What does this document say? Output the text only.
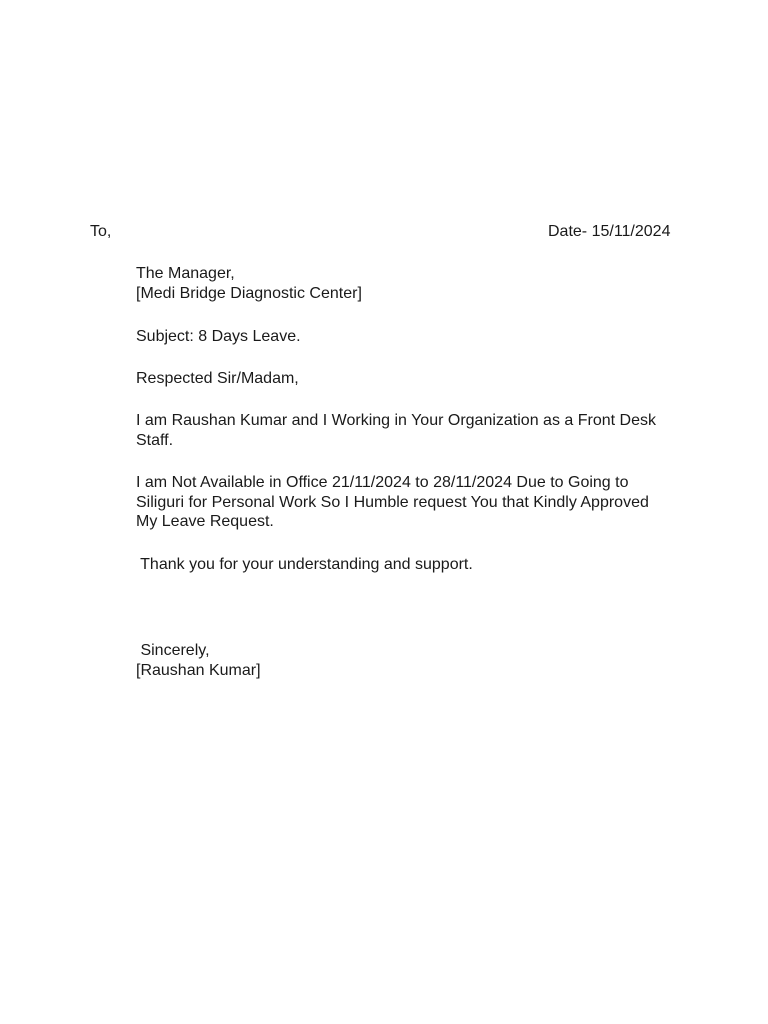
To,	Date- 15/11/2024
The Manager,
[Medi Bridge Diagnostic Center]
Subject: 8 Days Leave.
Respected Sir/Madam,
I am Raushan Kumar and I Working in Your Organization as a Front Desk
Staff.
I am Not Available in Office 21/11/2024 to 28/11/2024 Due to Going to
Siliguri for Personal Work So I Humble request You that Kindly Approved
My Leave Request.
Thank you for your understanding and support.
Sincerely,
[Raushan Kumar]
